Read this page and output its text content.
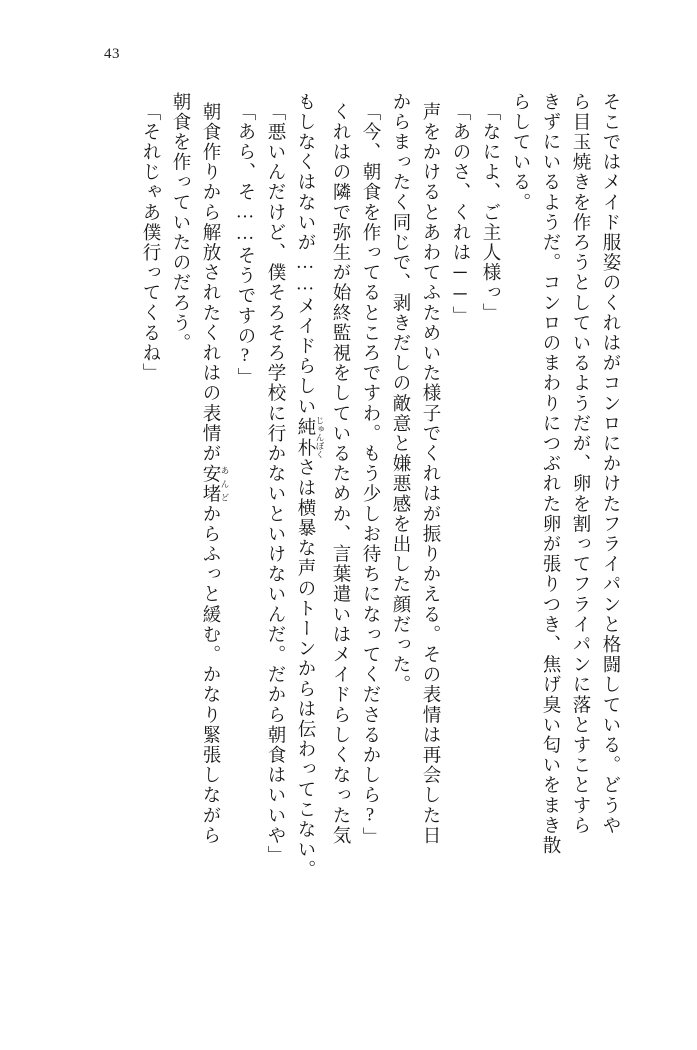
43
そこではメイド服姿のくれはがコンロにかけたフライパンと格闘している。どうや
ら目玉焼きを作ろうとしているようだが、卵を割ってフライパンに落とすことすら
きずにいるようだ。コンロのまわりにつぶれた卵が張りつき、焦げ臭い匂いをまき散
らしている。
「なによ、ご主人様っ」
「あのさ、くれは──」
声をかけるとあわてふためいた様子でくれはが振りかえる。その表情は再会した日
からまったく同じで、剥きだしの敵意と嫌悪感を出した顔だった。
「今、朝食を作ってるところですわ。もう少しお待ちになってくださるかしら?」
くれはの隣で弥生が始終監視をしているためか、言葉遣いはメイドらしくなった気
もしなくはないが……メイドらしい純朴 じゅんぼくさは横暴な声のトーンからは伝わってこない。
「悪いんだけど、僕そろそろ学校に行かないといけないんだ。だから朝食はいいや」
「あら、そ……そうですの?」
朝食作りから解放されたくれはの表情が安堵 あんどからふっと緩む。かなり緊張しながら
朝食を作っていたのだろう。
「それじゃあ僕行ってくるね」
